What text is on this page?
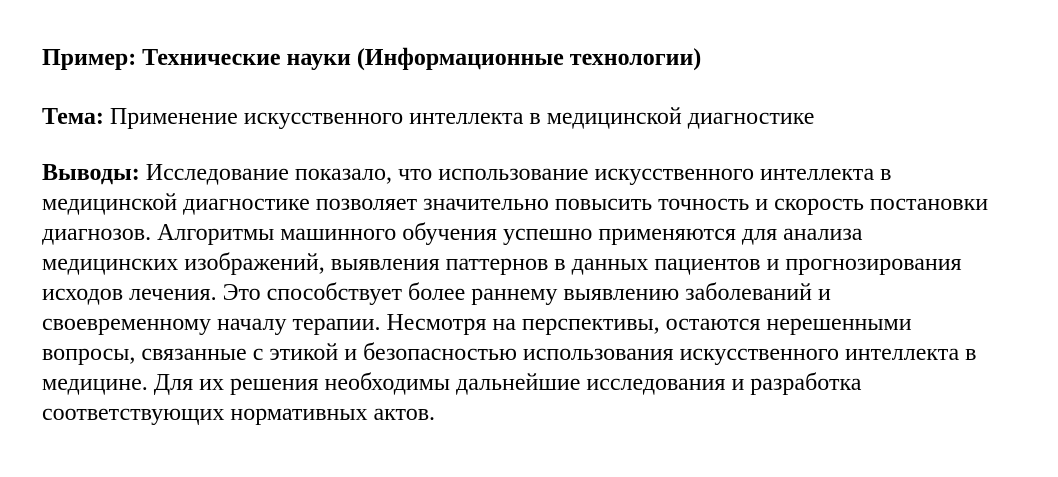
Пример: Технические науки (Информационные технологии)

Тема: Применение искусственного интеллекта в медицинской диагностике

Выводы: Исследование показало, что использование искусственного интеллекта в медицинской диагностике позволяет значительно повысить точность и скорость постановки диагнозов. Алгоритмы машинного обучения успешно применяются для анализа медицинских изображений, выявления паттернов в данных пациентов и прогнозирования исходов лечения. Это способствует более раннему выявлению заболеваний и своевременному началу терапии. Несмотря на перспективы, остаются нерешенными вопросы, связанные с этикой и безопасностью использования искусственного интеллекта в медицине. Для их решения необходимы дальнейшие исследования и разработка соответствующих нормативных актов.
